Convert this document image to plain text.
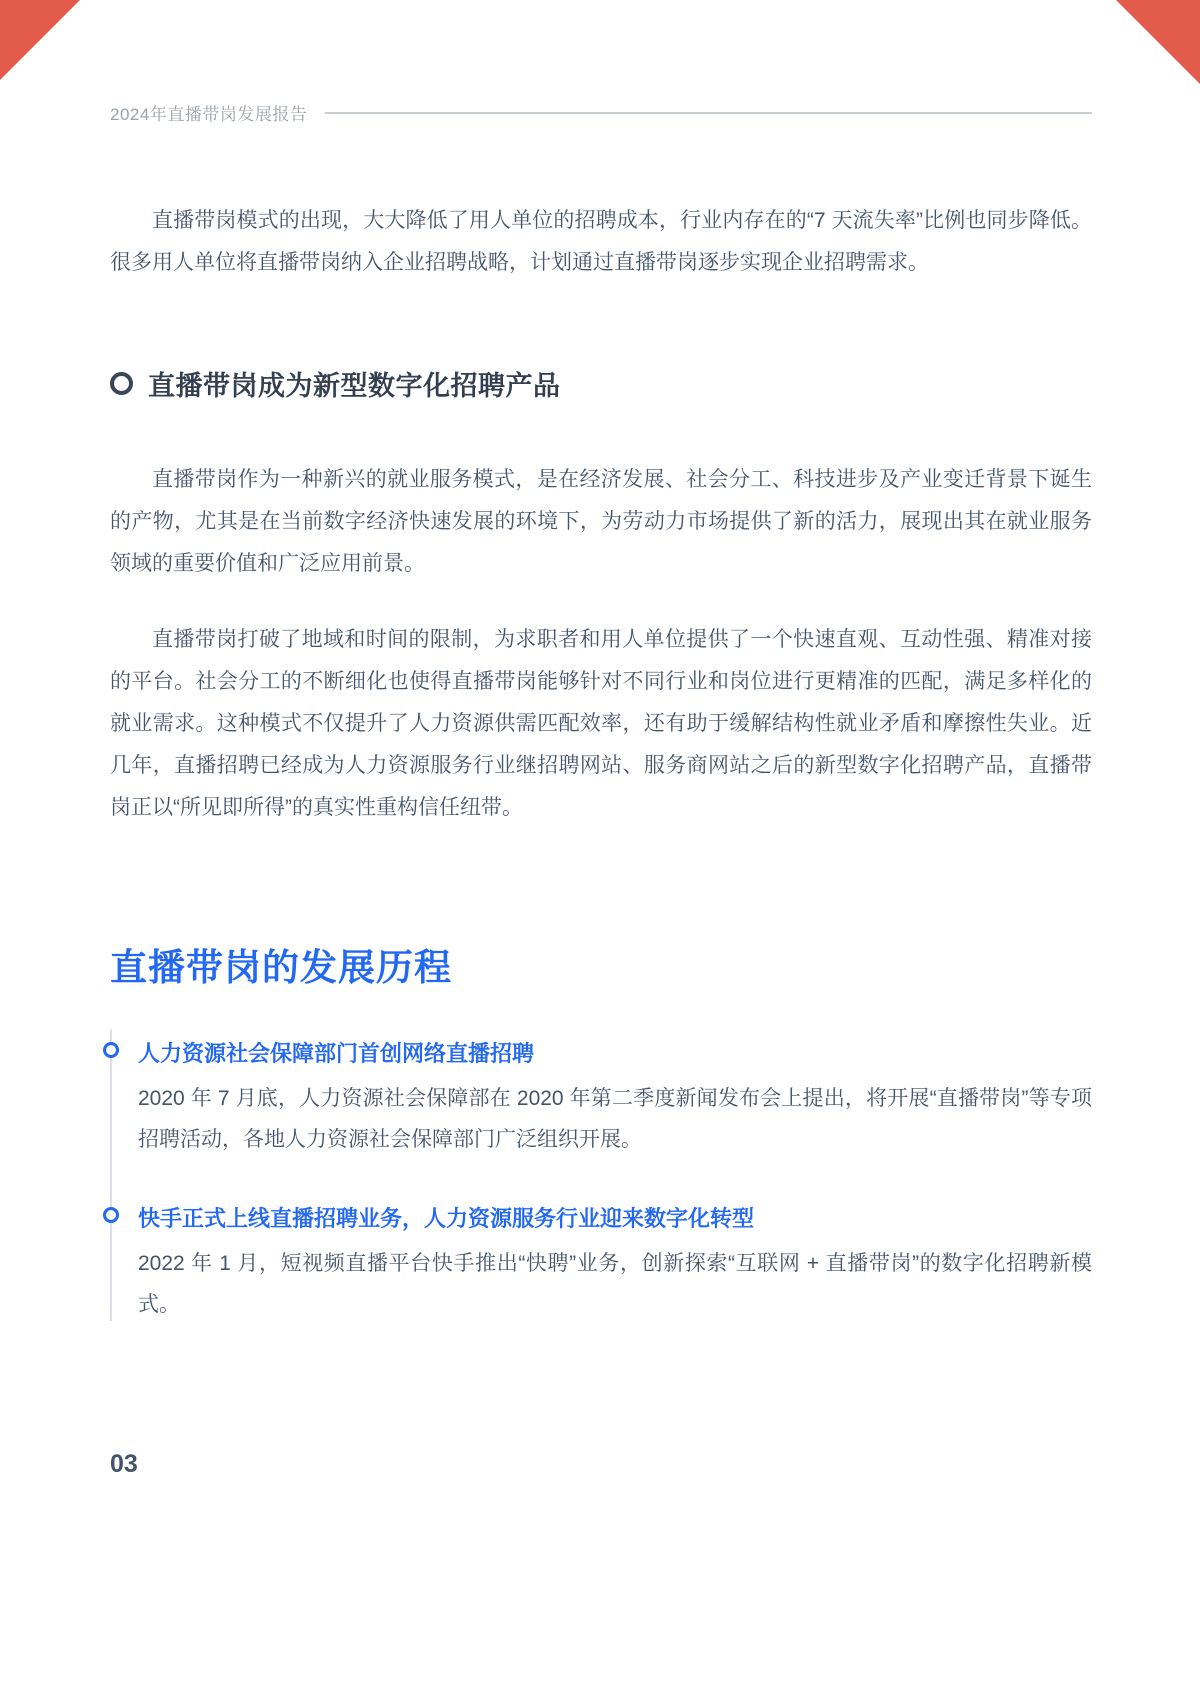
2024年直播带岗发展报告

直播带岗模式的出现，大大降低了用人单位的招聘成本，行业内存在的“7 天流失率”比例也同步降低。很多用人单位将直播带岗纳入企业招聘战略，计划通过直播带岗逐步实现企业招聘需求。

直播带岗成为新型数字化招聘产品

直播带岗作为一种新兴的就业服务模式，是在经济发展、社会分工、科技进步及产业变迁背景下诞生的产物，尤其是在当前数字经济快速发展的环境下，为劳动力市场提供了新的活力，展现出其在就业服务领域的重要价值和广泛应用前景。

直播带岗打破了地域和时间的限制，为求职者和用人单位提供了一个快速直观、互动性强、精准对接的平台。社会分工的不断细化也使得直播带岗能够针对不同行业和岗位进行更精准的匹配，满足多样化的就业需求。这种模式不仅提升了人力资源供需匹配效率，还有助于缓解结构性就业矛盾和摩擦性失业。近几年，直播招聘已经成为人力资源服务行业继招聘网站、服务商网站之后的新型数字化招聘产品，直播带岗正以“所见即所得”的真实性重构信任纽带。

直播带岗的发展历程
人力资源社会保障部门首创网络直播招聘

2020 年 7 月底，人力资源社会保障部在 2020 年第二季度新闻发布会上提出，将开展“直播带岗”等专项招聘活动，各地人力资源社会保障部门广泛组织开展。

快手正式上线直播招聘业务，人力资源服务行业迎来数字化转型

2022 年 1 月，短视频直播平台快手推出“快聘”业务，创新探索“互联网 + 直播带岗”的数字化招聘新模式。

03
